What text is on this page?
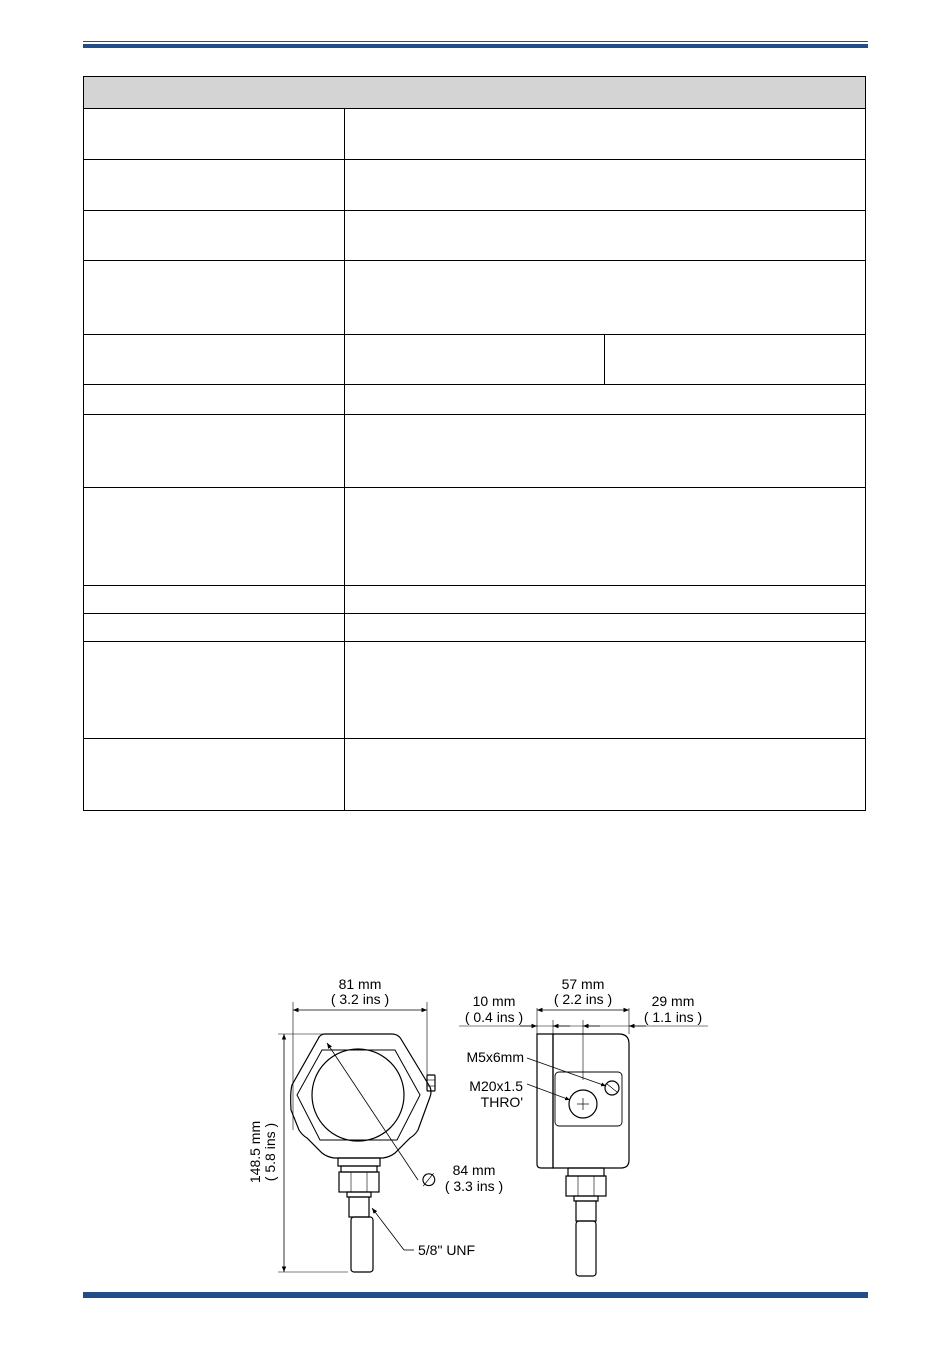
81 mm
( 3.2 ins )
148.5 mm ( 5.8 ins )	∅ 84 mm
( 3.3 ins )
5/8" UNF
57 mm
( 2.2 ins )
10 mm
( 0.4 ins )
29 mm
( 1.1 ins )
M5x6mm
M20x1.5
THRO'
